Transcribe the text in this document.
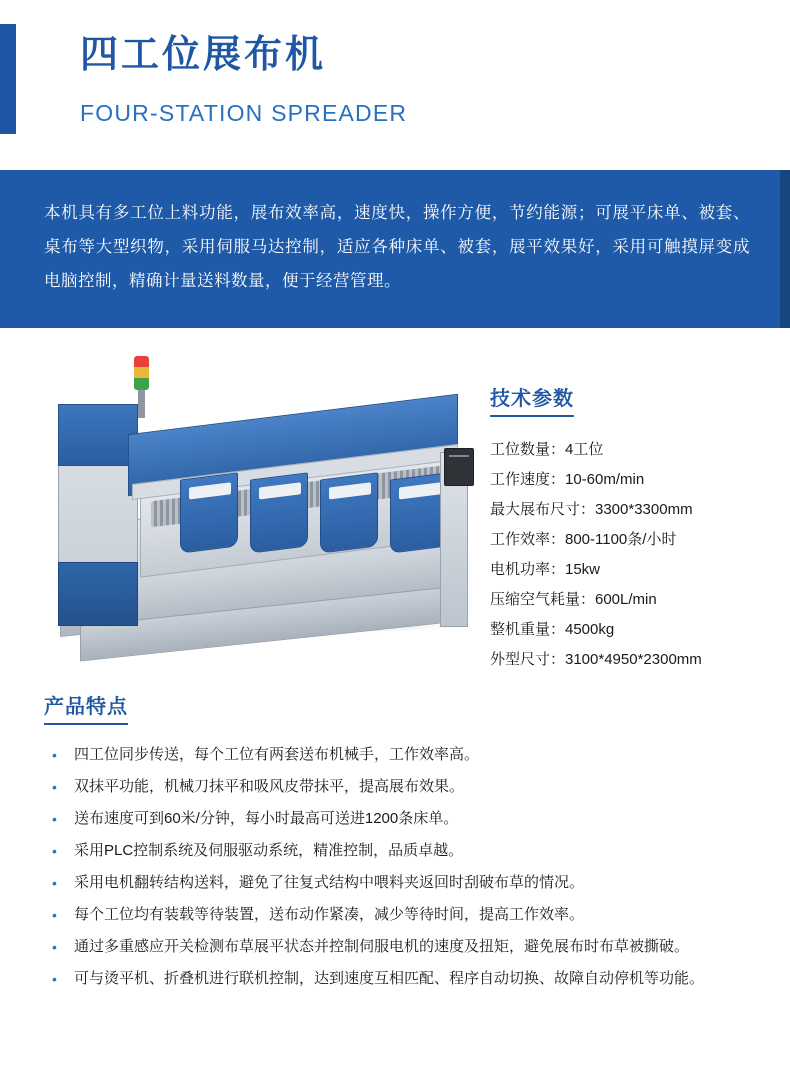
四工位展布机
FOUR-STATION SPREADER

本机具有多工位上料功能，展布效率高，速度快，操作方便，节约能源；可展平床单、被套、桌布等大型织物，采用伺服马达控制，适应各种床单、被套，展平效果好，采用可触摸屏变成电脑控制，精确计量送料数量，便于经营管理。

技术参数
工位数量：4工位
工作速度：10-60m/min
最大展布尺寸：3300*3300mm
工作效率：800-1100条/小时
电机功率：15kw
压缩空气耗量：600L/min
整机重量：4500kg
外型尺寸：3100*4950*2300mm
产品特点
•	四工位同步传送，每个工位有两套送布机械手，工作效率高。
•	双抹平功能，机械刀抹平和吸风皮带抹平，提高展布效果。
•	送布速度可到60米/分钟，每小时最高可送进1200条床单。
•	采用PLC控制系统及伺服驱动系统，精准控制，品质卓越。
•	采用电机翻转结构送料，避免了往复式结构中喂料夹返回时刮破布草的情况。
•	每个工位均有装载等待装置，送布动作紧凑，减少等待时间，提高工作效率。
•	通过多重感应开关检测布草展平状态并控制伺服电机的速度及扭矩，避免展布时布草被撕破。
•	可与烫平机、折叠机进行联机控制，达到速度互相匹配、程序自动切换、故障自动停机等功能。
